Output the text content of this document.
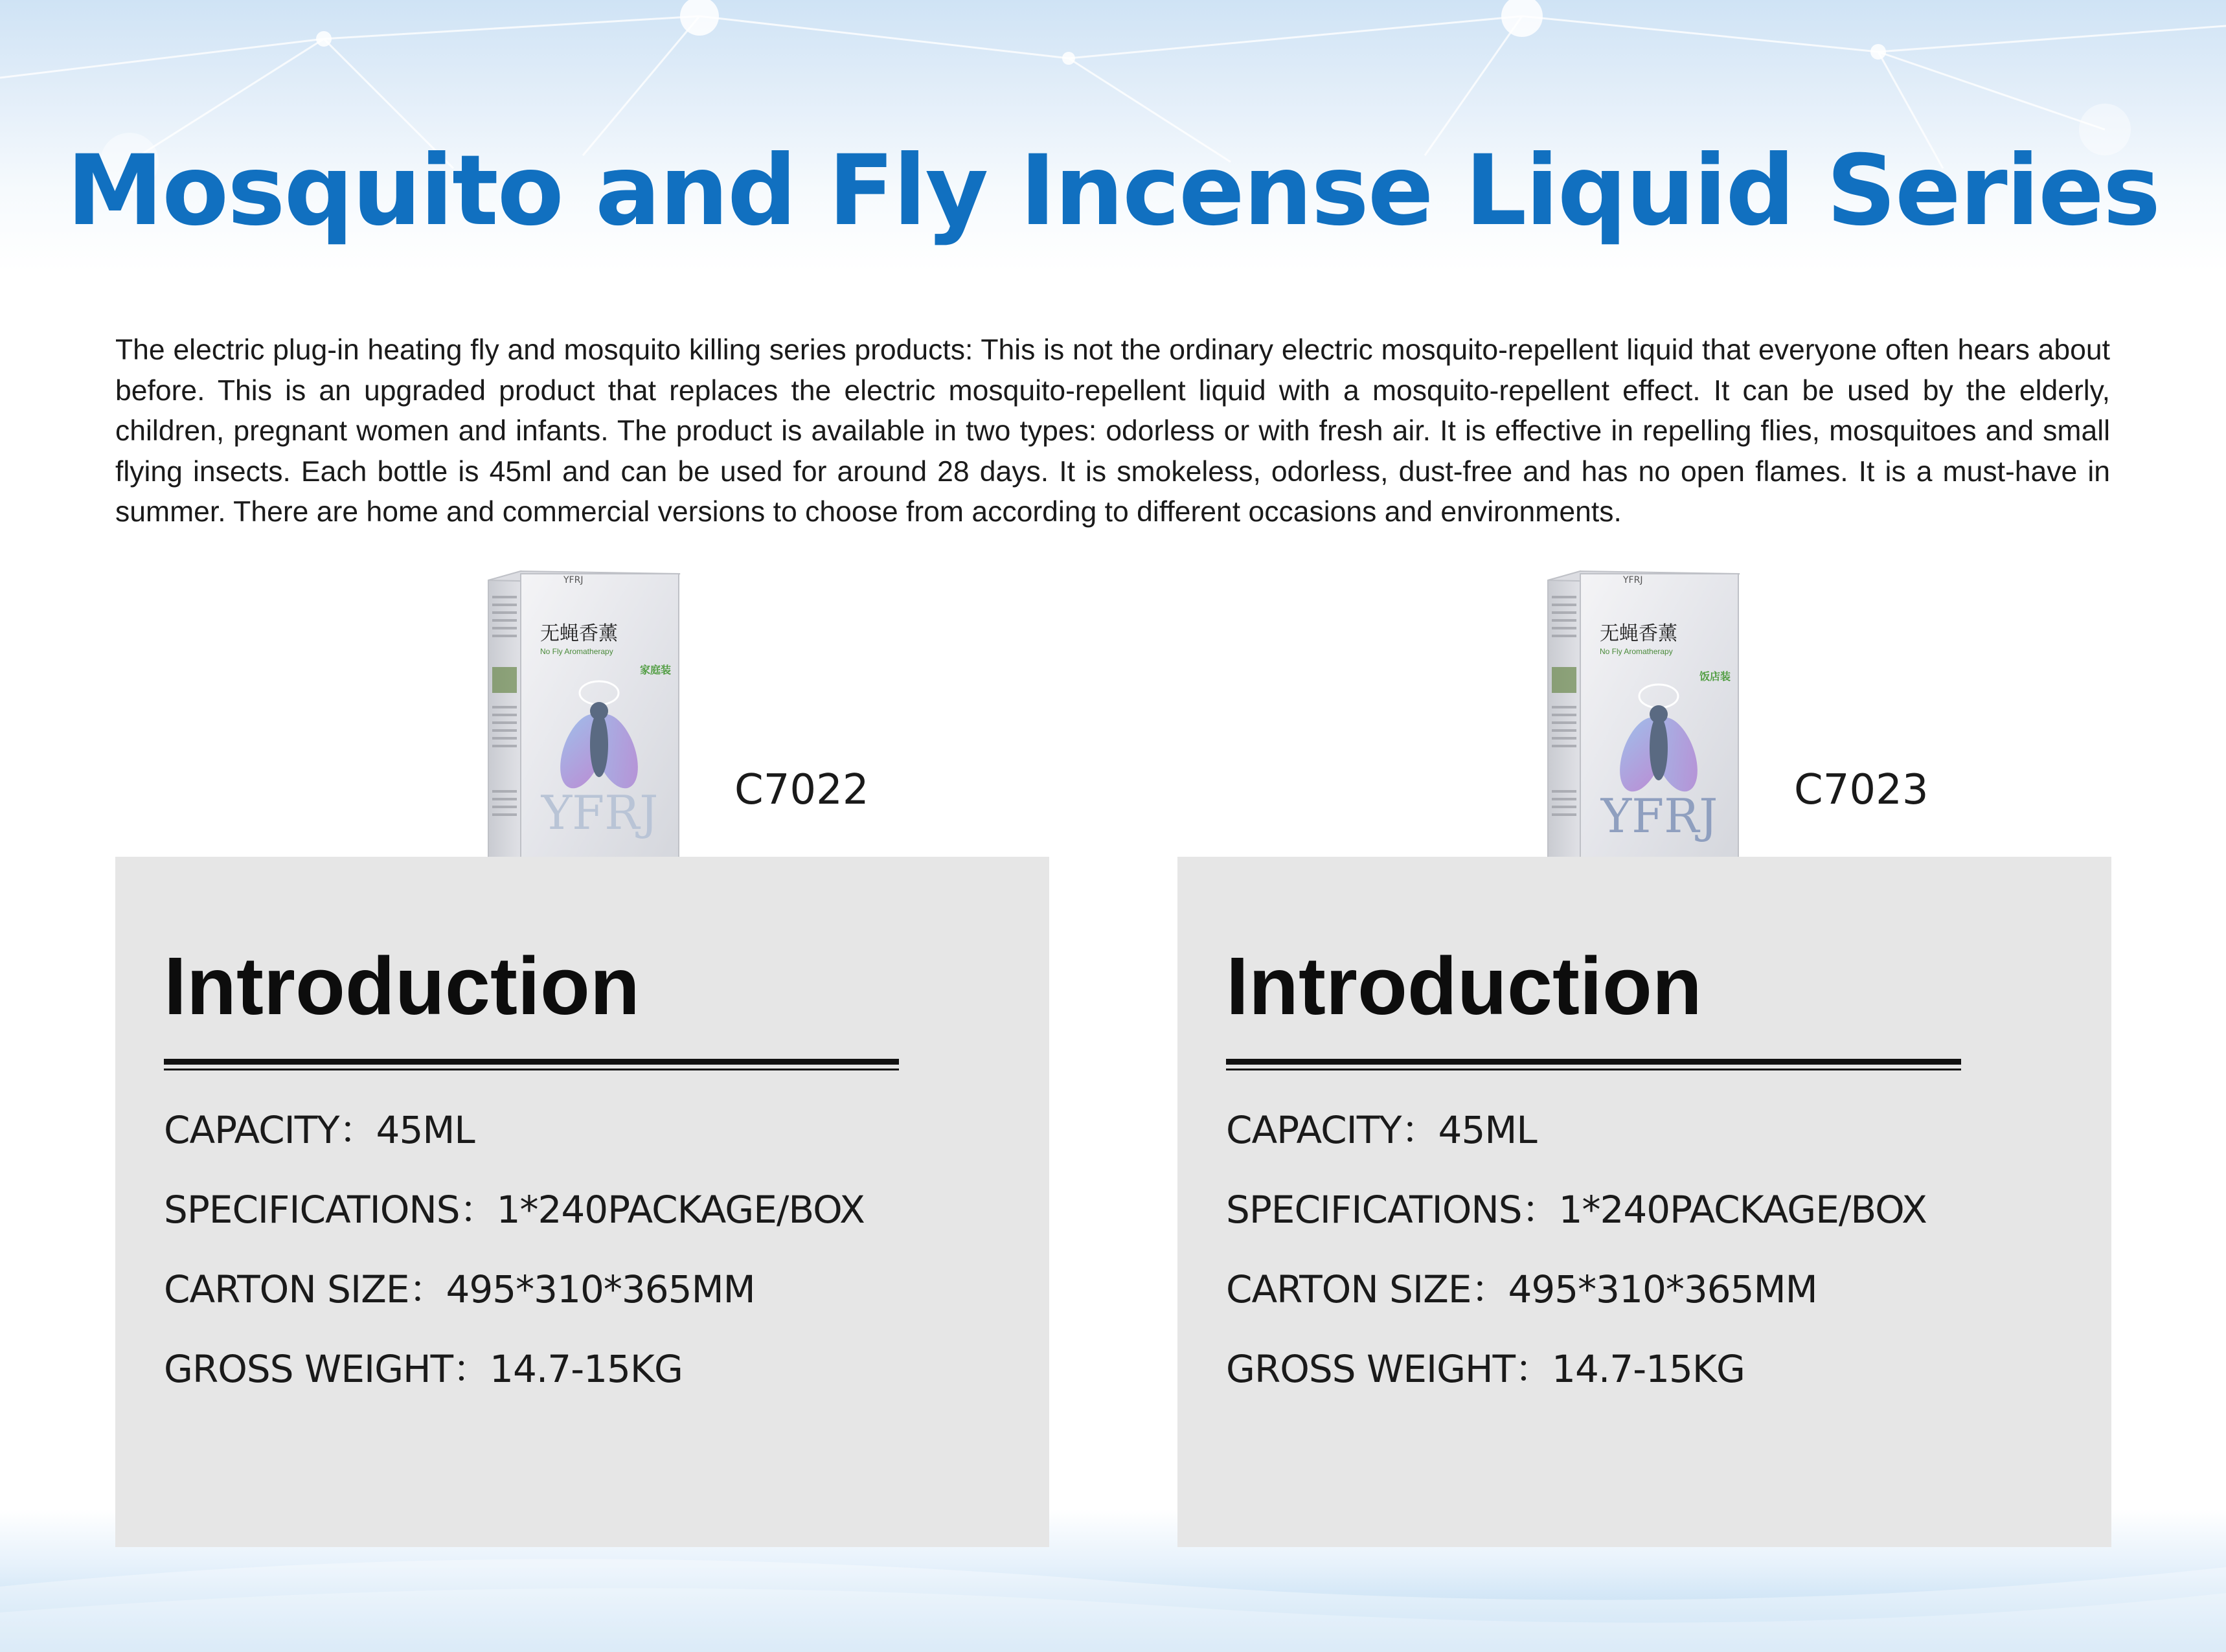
Mosquito and Fly Incense Liquid Series

The electric plug-in heating fly and mosquito killing series products: This is not the ordinary electric mosquito-repellent liquid that everyone often hears about before. This is an upgraded product that replaces the electric mosquito-repellent liquid with a mosquito-repellent effect. It can be used by the elderly, children, pregnant women and infants. The product is available in two types: odorless or with fresh air. It is effective in repelling flies, mosquitoes and small flying insects. Each bottle is 45ml and can be used for around 28 days. It is smokeless, odorless, dust-free and has no open flames. It is a must-have in summer. There are home and commercial versions to choose from according to different occasions and environments.

YFRJ
无蝇香薰
No Fly Aromatherapy
家庭装
YFRJ C7022
YFRJ
无蝇香薰
No Fly Aromatherapy
饭店装
YFRJ C7023
Introduction
CAPACITY：45ML
SPECIFICATIONS：1*240PACKAGE/BOX
CARTON SIZE：495*310*365MM
GROSS WEIGHT：14.7-15KG
Introduction
CAPACITY：45ML
SPECIFICATIONS：1*240PACKAGE/BOX
CARTON SIZE：495*310*365MM
GROSS WEIGHT：14.7-15KG
